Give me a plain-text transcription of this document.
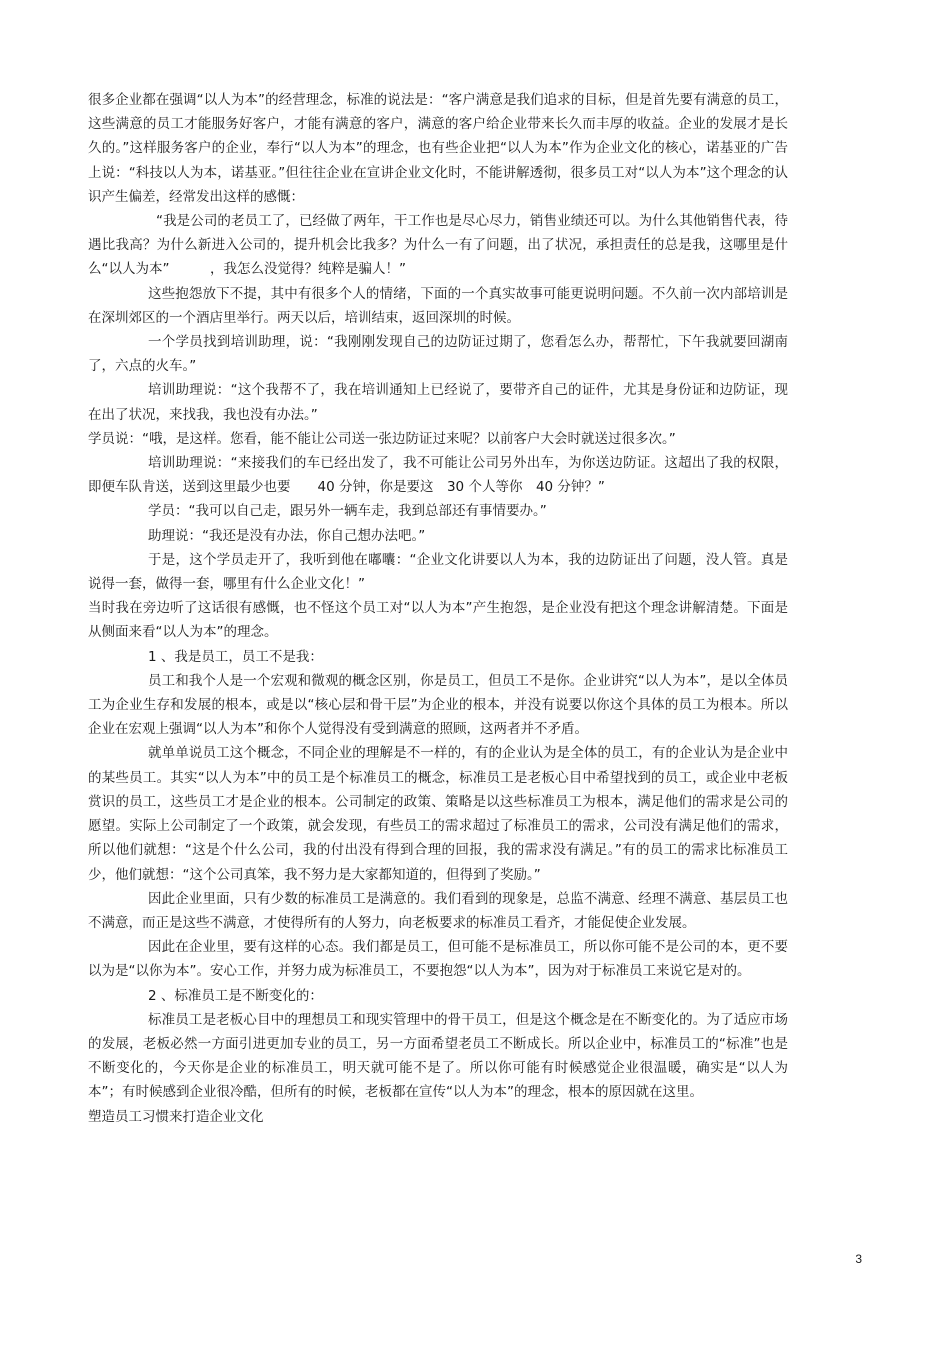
很多企业都在强调“以人为本”的经营理念，标准的说法是：“客户满意是我们追求的目标，但是首先要有满意的员工，这些满意的员工才能服务好客户，才能有满意的客户，满意的客户给企业带来长久而丰厚的收益。企业的发展才是长久的。”这样服务客户的企业，奉行“以人为本”的理念，也有些企业把“以人为本”作为企业文化的核心，诺基亚的广告上说：“科技以人为本，诺基亚。”但往往企业在宣讲企业文化时，不能讲解透彻，很多员工对“以人为本”这个理念的认识产生偏差，经常发出这样的感慨：

“我是公司的老员工了，已经做了两年，干工作也是尽心尽力，销售业绩还可以。为什么其他销售代表，待遇比我高？为什么新进入公司的，提升机会比我多？为什么一有了问题，出了状况，承担责任的总是我，这哪里是什么“以人为本”　　　，我怎么没觉得？纯粹是骗人！”

这些抱怨放下不提，其中有很多个人的情绪，下面的一个真实故事可能更说明问题。不久前一次内部培训是在深圳郊区的一个酒店里举行。两天以后，培训结束，返回深圳的时候。

一个学员找到培训助理，说：“我刚刚发现自己的边防证过期了，您看怎么办，帮帮忙，下午我就要回湖南了，六点的火车。”

培训助理说：“这个我帮不了，我在培训通知上已经说了，要带齐自己的证件，尤其是身份证和边防证，现在出了状况，来找我，我也没有办法。”

学员说：“哦，是这样。您看，能不能让公司送一张边防证过来呢？以前客户大会时就送过很多次。”

培训助理说：“来接我们的车已经出发了，我不可能让公司另外出车，为你送边防证。这超出了我的权限，即便车队肯送，送到这里最少也要　　40 分钟，你是要这　30 个人等你　40 分钟？”

学员：“我可以自己走，跟另外一辆车走，我到总部还有事情要办。”

助理说：“我还是没有办法，你自己想办法吧。”

于是，这个学员走开了，我听到他在嘟囔：“企业文化讲要以人为本，我的边防证出了问题，没人管。真是说得一套，做得一套，哪里有什么企业文化！”

当时我在旁边听了这话很有感慨，也不怪这个员工对“以人为本”产生抱怨，是企业没有把这个理念讲解清楚。下面是从侧面来看“以人为本”的理念。

1 、我是员工，员工不是我：

员工和我个人是一个宏观和微观的概念区别，你是员工，但员工不是你。企业讲究“以人为本”，是以全体员工为企业生存和发展的根本，或是以“核心层和骨干层”为企业的根本，并没有说要以你这个具体的员工为根本。所以企业在宏观上强调“以人为本”和你个人觉得没有受到满意的照顾，这两者并不矛盾。

就单单说员工这个概念，不同企业的理解是不一样的，有的企业认为是全体的员工，有的企业认为是企业中的某些员工。其实“以人为本”中的员工是个标准员工的概念，标准员工是老板心目中希望找到的员工，或企业中老板赏识的员工，这些员工才是企业的根本。公司制定的政策、策略是以这些标准员工为根本，满足他们的需求是公司的愿望。实际上公司制定了一个政策，就会发现，有些员工的需求超过了标准员工的需求，公司没有满足他们的需求，所以他们就想：“这是个什么公司，我的付出没有得到合理的回报，我的需求没有满足。”有的员工的需求比标准员工少，他们就想：“这个公司真笨，我不努力是大家都知道的，但得到了奖励。”

因此企业里面，只有少数的标准员工是满意的。我们看到的现象是，总监不满意、经理不满意、基层员工也不满意，而正是这些不满意，才使得所有的人努力，向老板要求的标准员工看齐，才能促使企业发展。

因此在企业里，要有这样的心态。我们都是员工，但可能不是标准员工，所以你可能不是公司的本，更不要以为是“以你为本”。安心工作，并努力成为标准员工，不要抱怨“以人为本”，因为对于标准员工来说它是对的。

2 、标准员工是不断变化的：

标准员工是老板心目中的理想员工和现实管理中的骨干员工，但是这个概念是在不断变化的。为了适应市场的发展，老板必然一方面引进更加专业的员工，另一方面希望老员工不断成长。所以企业中，标准员工的“标准”也是不断变化的，今天你是企业的标准员工，明天就可能不是了。所以你可能有时候感觉企业很温暖，确实是“以人为本”；有时候感到企业很冷酷，但所有的时候，老板都在宣传“以人为本”的理念，根本的原因就在这里。

塑造员工习惯来打造企业文化

3
